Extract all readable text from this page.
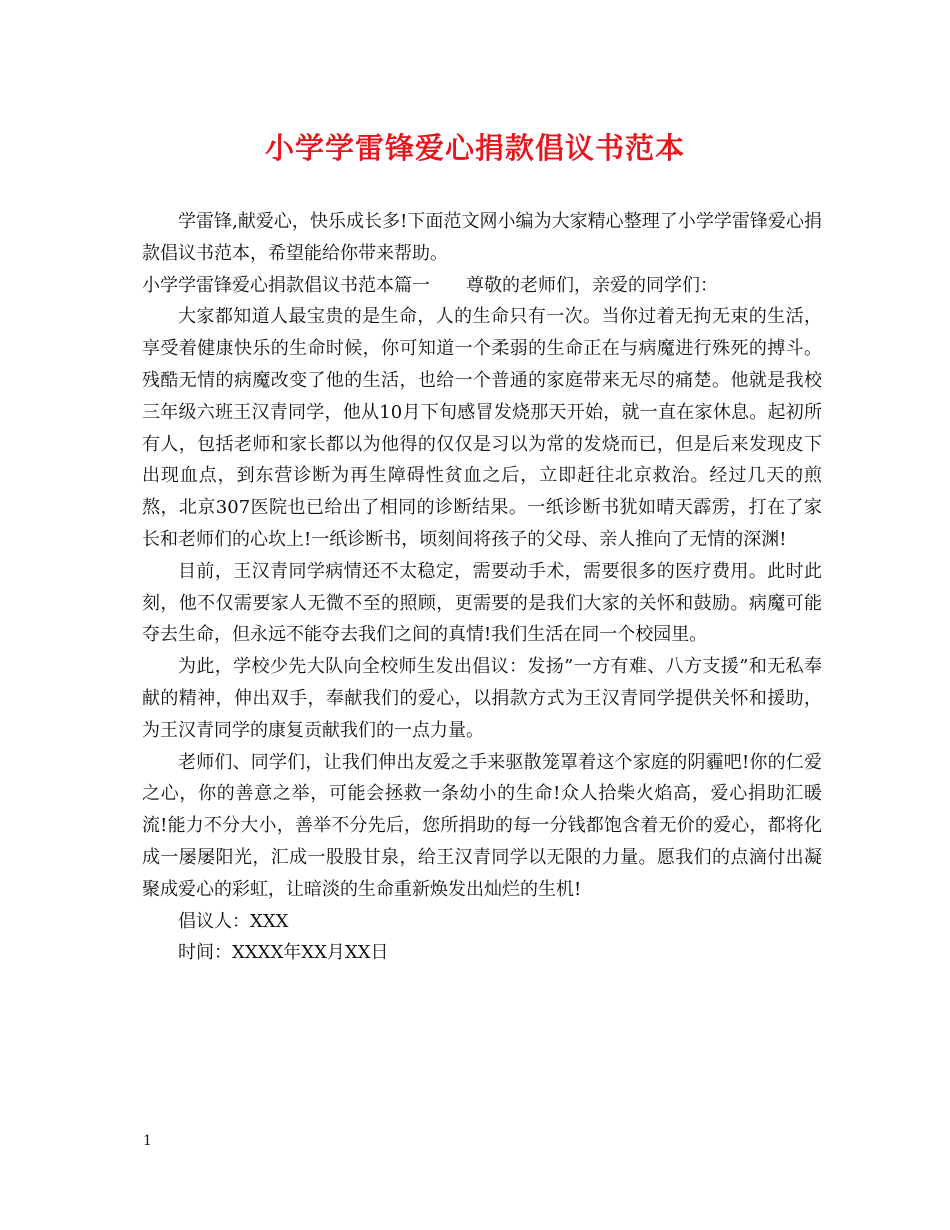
小学学雷锋爱心捐款倡议书范本

学雷锋,献爱心，快乐成长多!下面范文网小编为大家精心整理了小学学雷锋爱心捐款倡议书范本，希望能给你带来帮助。

小学学雷锋爱心捐款倡议书范本篇一　　尊敬的老师们，亲爱的同学们：

大家都知道人最宝贵的是生命，人的生命只有一次。当你过着无拘无束的生活，享受着健康快乐的生命时候，你可知道一个柔弱的生命正在与病魔进行殊死的搏斗。残酷无情的病魔改变了他的生活，也给一个普通的家庭带来无尽的痛楚。他就是我校三年级六班王汉青同学，他从10月下旬感冒发烧那天开始，就一直在家休息。起初所有人，包括老师和家长都以为他得的仅仅是习以为常的发烧而已，但是后来发现皮下出现血点，到东营诊断为再生障碍性贫血之后，立即赶往北京救治。经过几天的煎熬，北京307医院也已给出了相同的诊断结果。一纸诊断书犹如晴天霹雳，打在了家长和老师们的心坎上!一纸诊断书，顷刻间将孩子的父母、亲人推向了无情的深渊!

目前，王汉青同学病情还不太稳定，需要动手术，需要很多的医疗费用。此时此刻，他不仅需要家人无微不至的照顾，更需要的是我们大家的关怀和鼓励。病魔可能夺去生命，但永远不能夺去我们之间的真情!我们生活在同一个校园里。

为此，学校少先大队向全校师生发出倡议：发扬”一方有难、八方支援”和无私奉献的精神，伸出双手，奉献我们的爱心，以捐款方式为王汉青同学提供关怀和援助，为王汉青同学的康复贡献我们的一点力量。

老师们、同学们，让我们伸出友爱之手来驱散笼罩着这个家庭的阴霾吧!你的仁爱之心，你的善意之举，可能会拯救一条幼小的生命!众人拾柴火焰高，爱心捐助汇暖流!能力不分大小，善举不分先后，您所捐助的每一分钱都饱含着无价的爱心，都将化成一屡屡阳光，汇成一股股甘泉，给王汉青同学以无限的力量。愿我们的点滴付出凝聚成爱心的彩虹，让暗淡的生命重新焕发出灿烂的生机!

倡议人：XXX

时间：XXXX年XX月XX日

1
